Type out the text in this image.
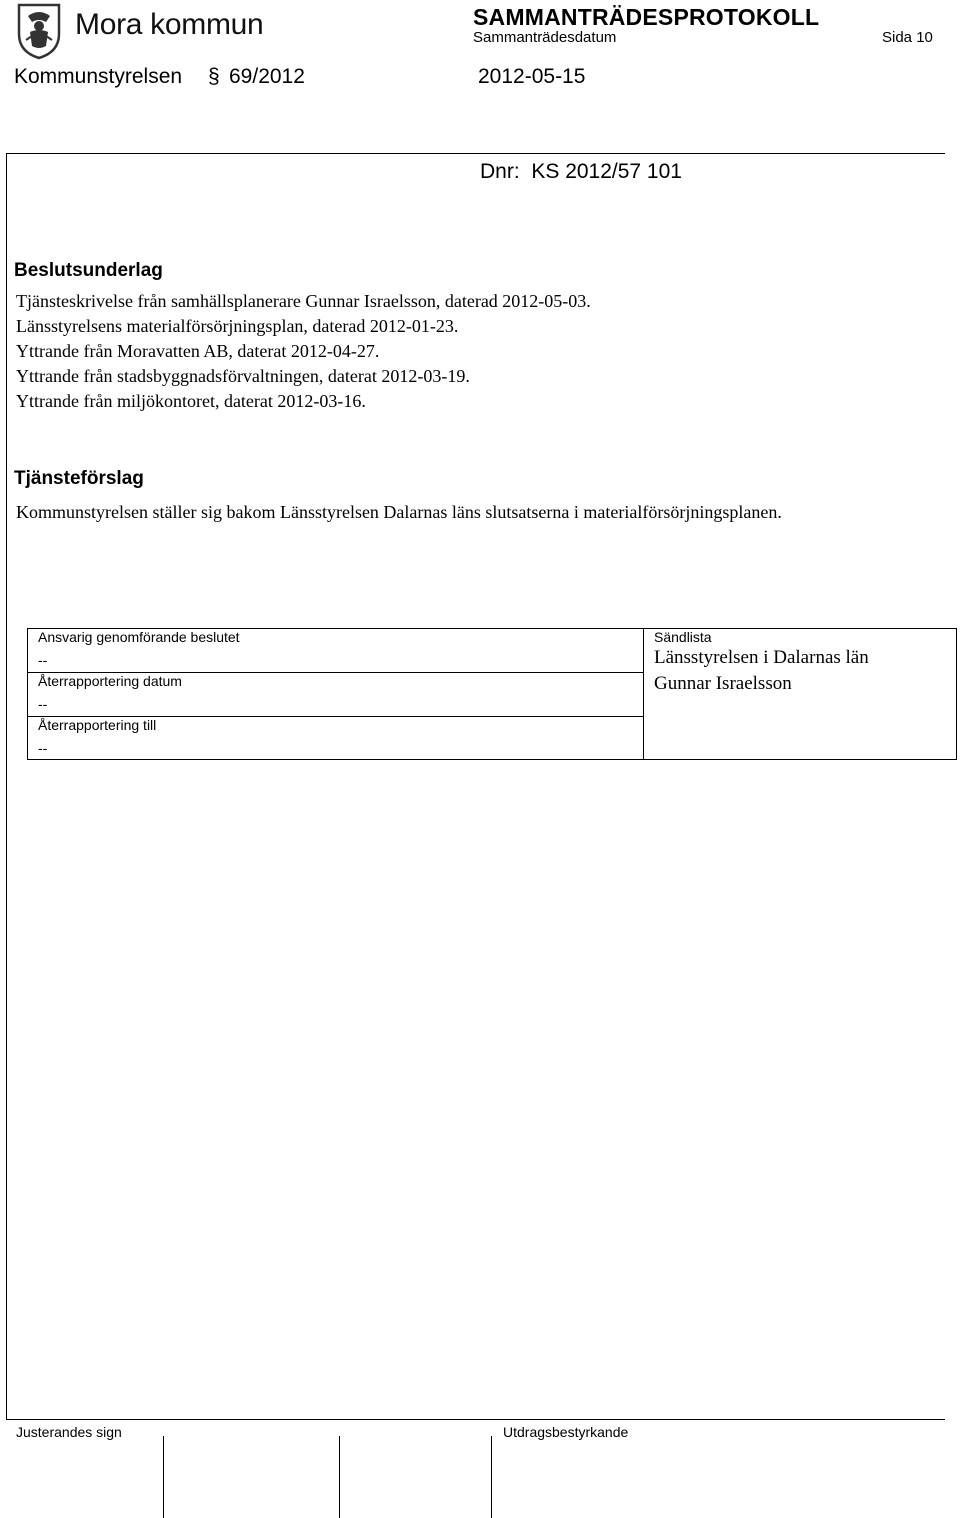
Mora kommun	SAMMANTRÄDESPROTOKOLL
Sammanträdesdatum	Sida 10
Kommunstyrelsen § 69/2012	2012-05-15
Dnr:  KS 2012/57 101
Beslutsunderlag
Tjänsteskrivelse från samhällsplanerare Gunnar Israelsson, daterad 2012-05-03.
Länsstyrelsens materialförsörjningsplan, daterad 2012-01-23.
Yttrande från Moravatten AB, daterat 2012-04-27.
Yttrande från stadsbyggnadsförvaltningen, daterat 2012-03-19.
Yttrande från miljökontoret, daterat 2012-03-16.
Tjänsteförslag
Kommunstyrelsen ställer sig bakom Länsstyrelsen Dalarnas läns slutsatserna i materialförsörjningsplanen.
Ansvarig genomförande beslutet
--
Återrapportering datum
--
Återrapportering till
--
Sändlista
Länsstyrelsen i Dalarnas län
Gunnar Israelsson
Justerandes sign	Utdragsbestyrkande
